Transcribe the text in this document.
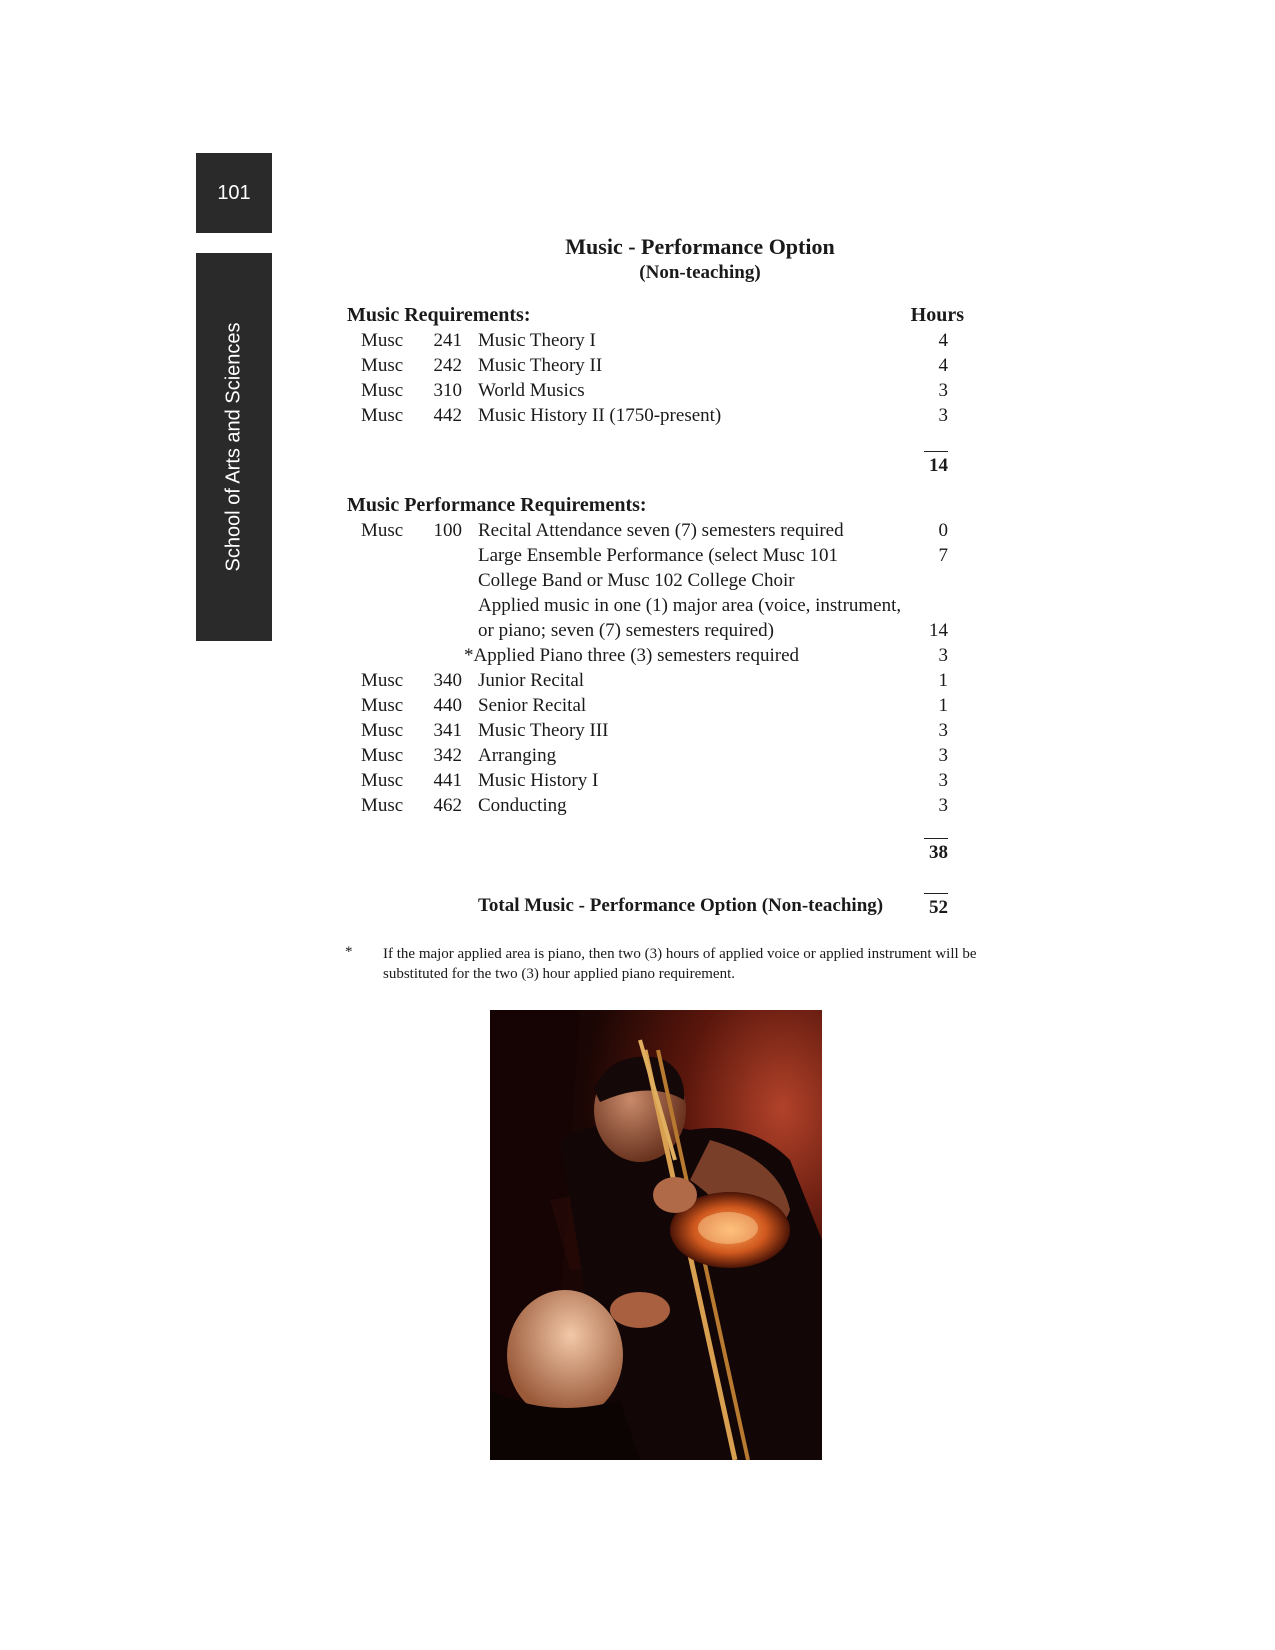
101
School of Arts and Sciences
Music - Performance Option
(Non-teaching)
Music Requirements:	Hours
Musc	241 Music Theory I	4
Musc	242 Music Theory II	4
Musc	310 World Musics	3
Musc	442 Music History II (1750-present)	3
14
Music Performance Requirements:
Musc	100 Recital Attendance seven (7) semesters required	0
Large Ensemble Performance (select Musc 101	7
College Band or Musc 102 College Choir
Applied music in one (1) major area (voice, instrument,
or piano; seven (7) semesters required)	14
*Applied Piano three (3) semesters required	3
Musc	340 Junior Recital	1
Musc	440 Senior Recital	1
Musc	341 Music Theory III	3
Musc	342 Arranging	3
Musc	441 Music History I	3
Musc	462 Conducting	3
38
Total Music - Performance Option (Non-teaching)	52
* If the major applied area is piano, then two (3) hours of applied voice or applied instrument will be substituted for the two (3) hour applied piano requirement.
